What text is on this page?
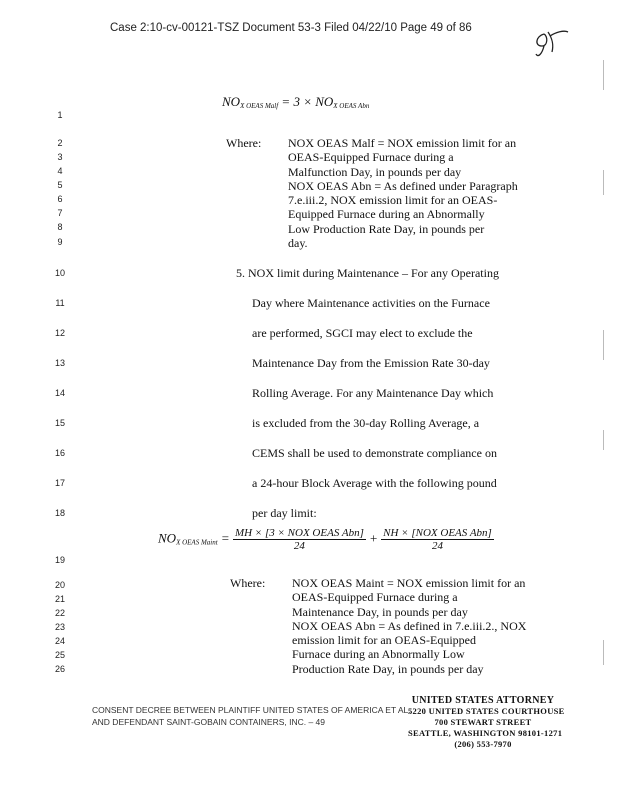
Case 2:10-cv-00121-TSZ Document 53-3 Filed 04/22/10 Page 49 of 86
1
2
3
4
5
6
7
8
9
10
11
12
13
14
15
16
17
18
19
20
21
22
23
24
25
26
$NO_{X OEAS Malf} = 3 \times NO_{X OEAS Abn}$
Where: NOX OEAS Malf = NOX emission limit for an
OEAS-Equipped Furnace during a
Malfunction Day, in pounds per day
NOX OEAS Abn = As defined under Paragraph
7.e.iii.2, NOX emission limit for an OEAS-
Equipped Furnace during an Abnormally
Low Production Rate Day, in pounds per
day.
5. NOX limit during Maintenance – For any Operating
Day where Maintenance activities on the Furnace
are performed, SGCI may elect to exclude the
Maintenance Day from the Emission Rate 30-day
Rolling Average. For any Maintenance Day which
is excluded from the 30-day Rolling Average, a
CEMS shall be used to demonstrate compliance on
a 24-hour Block Average with the following pound
per day limit:
$NO_{X OEAS Maint} = \frac{\text{MH × [3 × NOX OEAS Abn]}}{24} + \frac{\text{NH × [NOX OEAS Abn]}}{24}$
Where: NOX OEAS Maint = NOX emission limit for an
OEAS-Equipped Furnace during a
Maintenance Day, in pounds per day
NOX OEAS Abn = As defined in 7.e.iii.2., NOX
emission limit for an OEAS-Equipped
Furnace during an Abnormally Low
Production Rate Day, in pounds per day
CONSENT DECREE BETWEEN PLAINTIFF UNITED STATES OF AMERICA ET AL.
AND DEFENDANT SAINT-GOBAIN CONTAINERS, INC. – 49
UNITED STATES ATTORNEY
5220 UNITED STATES COURTHOUSE
700 STEWART STREET
SEATTLE, WASHINGTON 98101-1271
(206) 553-7970
